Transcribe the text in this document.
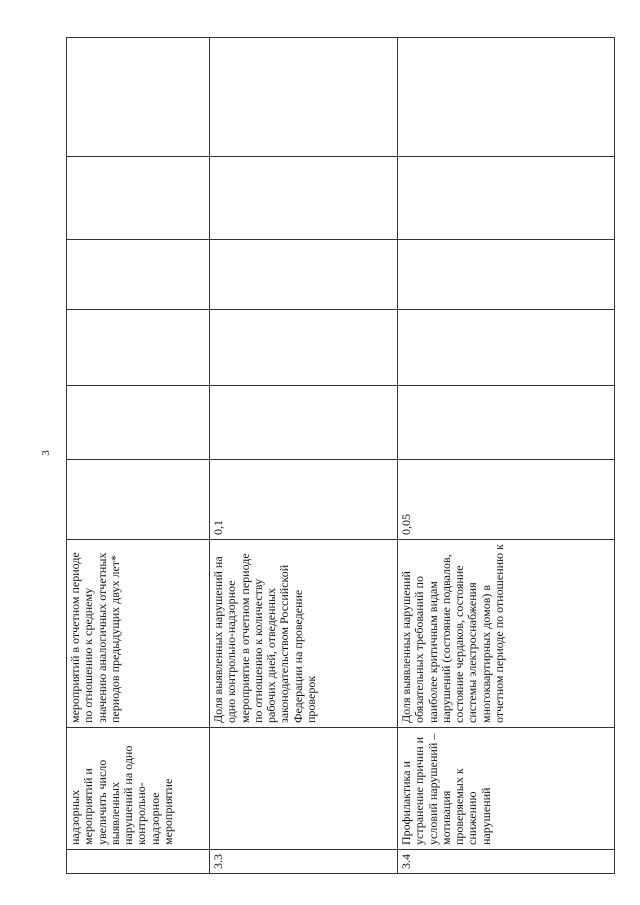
3
	надзорных мероприятий и увеличить число выявленных нарушений на одно контрольно-надзорное мероприятие	мероприятий в отчетном периоде по отношению к среднему значению аналогичных отчетных периодов предыдущих двух лет*						
3.3		Доля выявленных нарушений на одно контрольно-надзорное мероприятие в отчетном периоде по отношению к количеству рабочих дней, отведенных законодательством Российской Федерации на проведение проверок	0,1					
3.4	Профилактика и устранение причин и условий нарушений – мотивация проверяемых к снижению нарушений	Доля выявленных нарушений обязательных требований по наиболее критичным видам нарушений (состояние подвалов, состояние чердаков, состояние системы электроснабжения многоквартирных домов) в отчетном периоде по отношению к	0,05					
